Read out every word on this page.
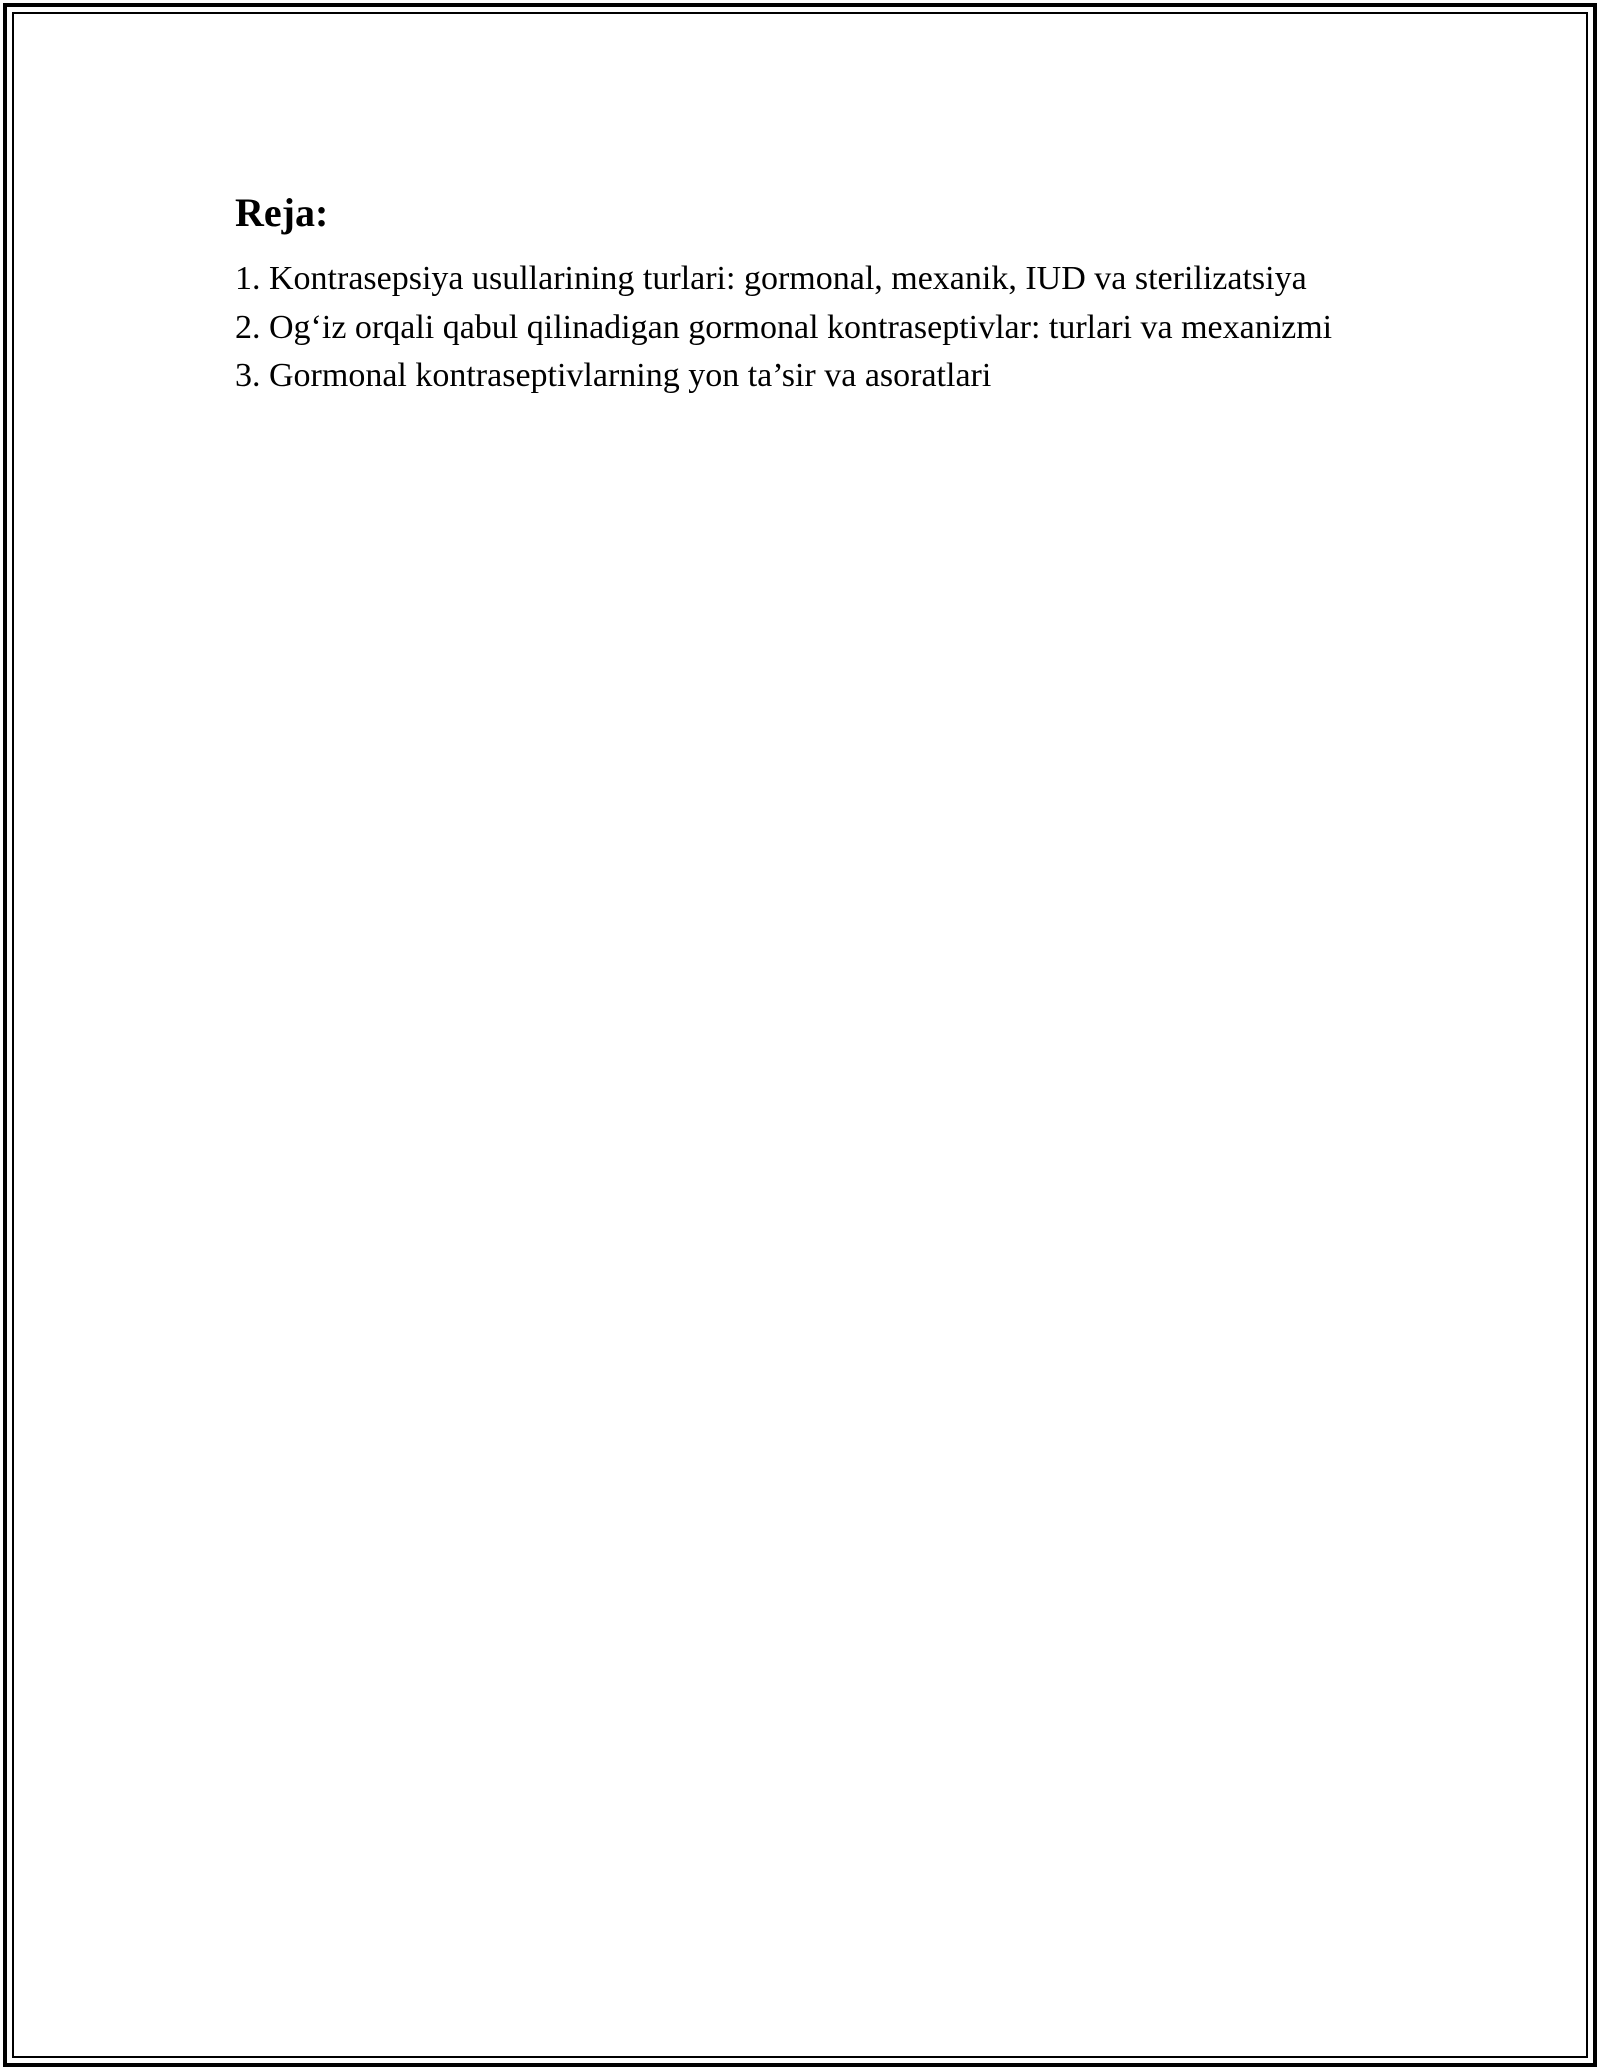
Reja:
1. Kontrasepsiya usullarining turlari: gormonal, mexanik, IUD va sterilizatsiya
2. Og‘iz orqali qabul qilinadigan gormonal kontraseptivlar: turlari va mexanizmi
3. Gormonal kontraseptivlarning yon ta’sir va asoratlari
